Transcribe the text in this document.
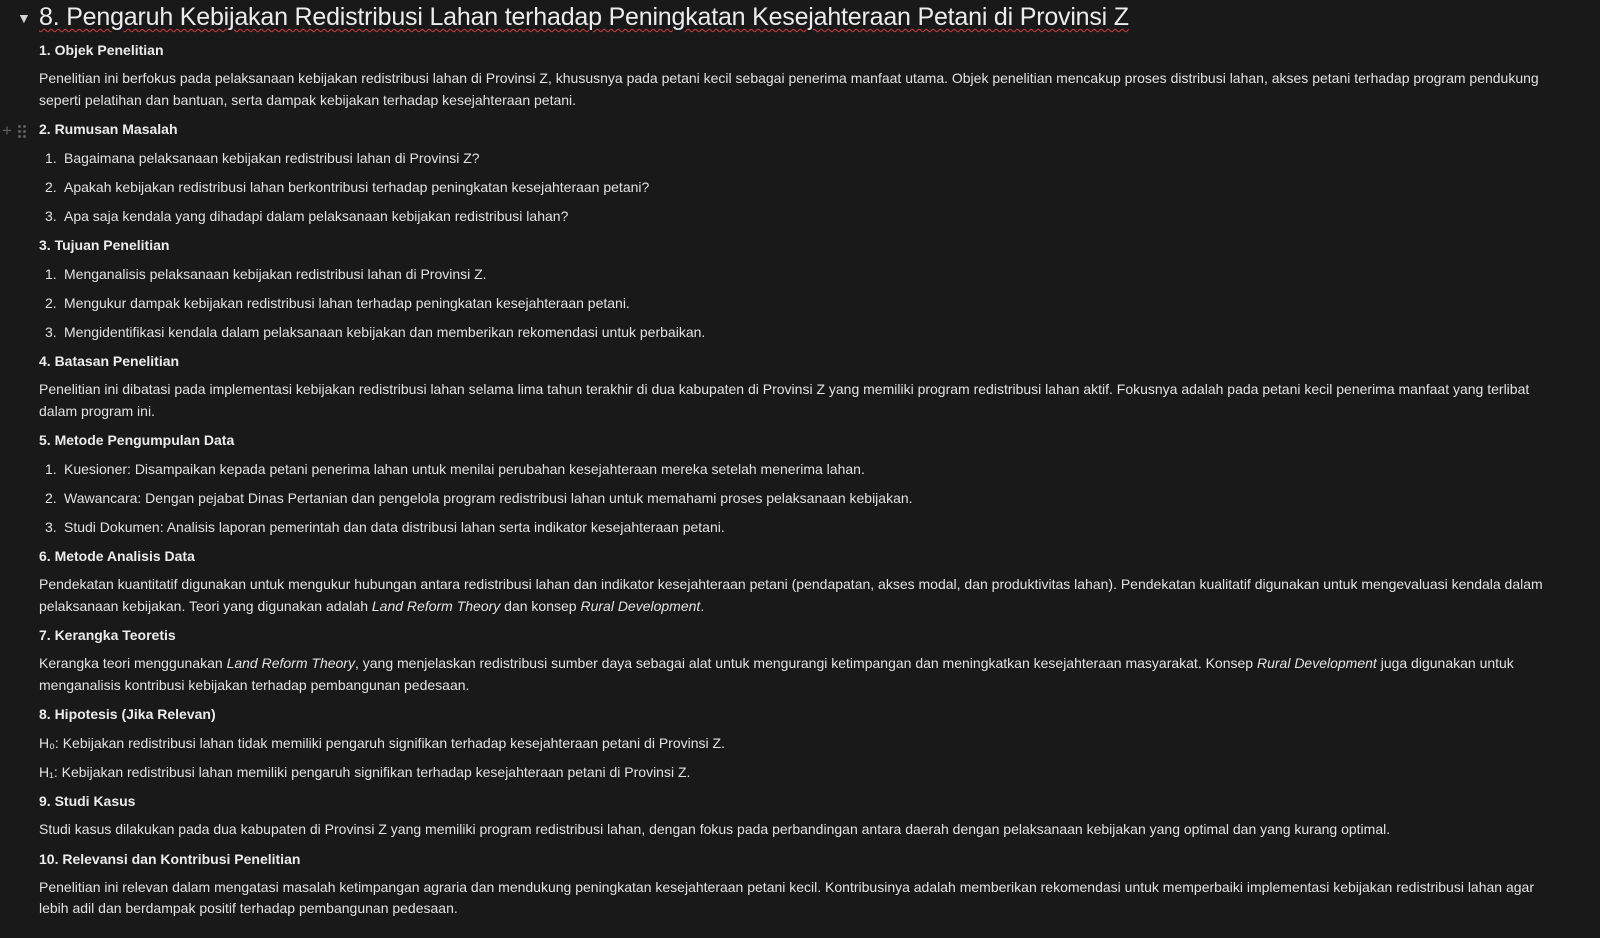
▼
+
8. Pengaruh Kebijakan Redistribusi Lahan terhadap Peningkatan Kesejahteraan Petani di Provinsi Z
1. Objek Penelitian

Penelitian ini berfokus pada pelaksanaan kebijakan redistribusi lahan di Provinsi Z, khususnya pada petani kecil sebagai penerima manfaat utama. Objek penelitian mencakup proses distribusi lahan, akses petani terhadap program pendukung seperti pelatihan dan bantuan, serta dampak kebijakan terhadap kesejahteraan petani.

2. Rumusan Masalah
1. Bagaimana pelaksanaan kebijakan redistribusi lahan di Provinsi Z?
2. Apakah kebijakan redistribusi lahan berkontribusi terhadap peningkatan kesejahteraan petani?
3. Apa saja kendala yang dihadapi dalam pelaksanaan kebijakan redistribusi lahan?
3. Tujuan Penelitian
1. Menganalisis pelaksanaan kebijakan redistribusi lahan di Provinsi Z.
2. Mengukur dampak kebijakan redistribusi lahan terhadap peningkatan kesejahteraan petani.
3. Mengidentifikasi kendala dalam pelaksanaan kebijakan dan memberikan rekomendasi untuk perbaikan.
4. Batasan Penelitian

Penelitian ini dibatasi pada implementasi kebijakan redistribusi lahan selama lima tahun terakhir di dua kabupaten di Provinsi Z yang memiliki program redistribusi lahan aktif. Fokusnya adalah pada petani kecil penerima manfaat yang terlibat dalam program ini.

5. Metode Pengumpulan Data
1. Kuesioner: Disampaikan kepada petani penerima lahan untuk menilai perubahan kesejahteraan mereka setelah menerima lahan.
2. Wawancara: Dengan pejabat Dinas Pertanian dan pengelola program redistribusi lahan untuk memahami proses pelaksanaan kebijakan.
3. Studi Dokumen: Analisis laporan pemerintah dan data distribusi lahan serta indikator kesejahteraan petani.
6. Metode Analisis Data

Pendekatan kuantitatif digunakan untuk mengukur hubungan antara redistribusi lahan dan indikator kesejahteraan petani (pendapatan, akses modal, dan produktivitas lahan). Pendekatan kualitatif digunakan untuk mengevaluasi kendala dalam pelaksanaan kebijakan. Teori yang digunakan adalah Land Reform Theory dan konsep Rural Development.

7. Kerangka Teoretis

Kerangka teori menggunakan Land Reform Theory, yang menjelaskan redistribusi sumber daya sebagai alat untuk mengurangi ketimpangan dan meningkatkan kesejahteraan masyarakat. Konsep Rural Development juga digunakan untuk menganalisis kontribusi kebijakan terhadap pembangunan pedesaan.

8. Hipotesis (Jika Relevan)
H₀: Kebijakan redistribusi lahan tidak memiliki pengaruh signifikan terhadap kesejahteraan petani di Provinsi Z.
H₁: Kebijakan redistribusi lahan memiliki pengaruh signifikan terhadap kesejahteraan petani di Provinsi Z.
9. Studi Kasus

Studi kasus dilakukan pada dua kabupaten di Provinsi Z yang memiliki program redistribusi lahan, dengan fokus pada perbandingan antara daerah dengan pelaksanaan kebijakan yang optimal dan yang kurang optimal.

10. Relevansi dan Kontribusi Penelitian

Penelitian ini relevan dalam mengatasi masalah ketimpangan agraria dan mendukung peningkatan kesejahteraan petani kecil. Kontribusinya adalah memberikan rekomendasi untuk memperbaiki implementasi kebijakan redistribusi lahan agar lebih adil dan berdampak positif terhadap pembangunan pedesaan.
